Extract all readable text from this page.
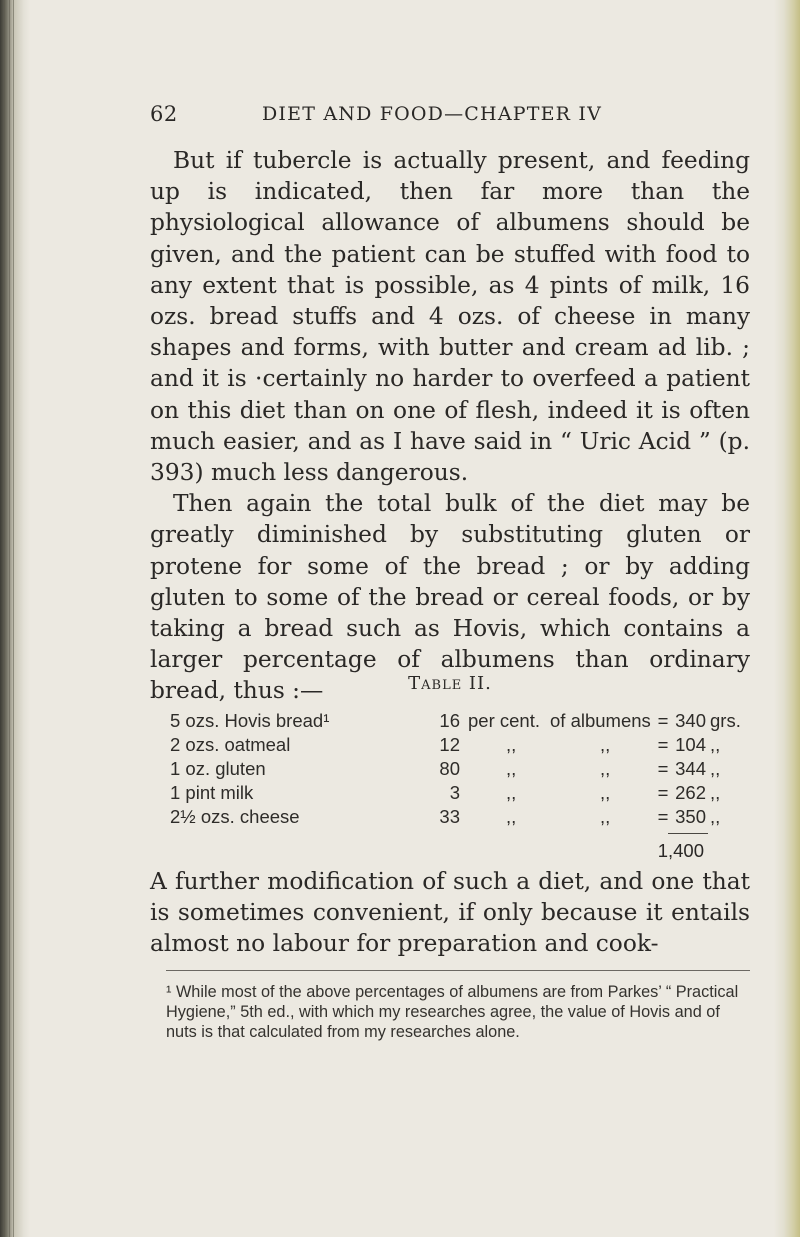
62	DIET AND FOOD—CHAPTER IV

But if tubercle is actually present, and feeding up is indicated, then far more than the physiological allowance of albumens should be given, and the patient can be stuffed with food to any extent that is possible, as 4 pints of milk, 16 ozs. bread stuffs and 4 ozs. of cheese in many shapes and forms, with butter and cream ad lib. ; and it is ·certainly no harder to overfeed a patient on this diet than on one of flesh, indeed it is often much easier, and as I have said in “ Uric Acid ” (p. 393) much less dangerous.

Then again the total bulk of the diet may be greatly diminished by substituting gluten or protene for some of the bread ; or by adding gluten to some of the bread or cereal foods, or by taking a bread such as Hovis, which contains a larger percentage of albumens than ordinary bread, thus :—	Table II.
5 ozs. Hovis bread¹	16 per cent. of albumens = 340 grs.
2 ozs. oatmeal	12 ,,	,,	= 104 ,,
1 oz. gluten	80 ,,	,,	= 344 ,,
1 pint milk	3 ,,	,,	= 262 ,,
2½ ozs. cheese	33 ,,	,,	= 350 ,,
1,400

A further modification of such a diet, and one that is sometimes convenient, if only because it entails almost no labour for preparation and cook-

¹ While most of the above percentages of albumens are from Parkes’ “ Practical Hygiene,” 5th ed., with which my researches agree, the value of Hovis and of nuts is that calculated from my researches alone.
